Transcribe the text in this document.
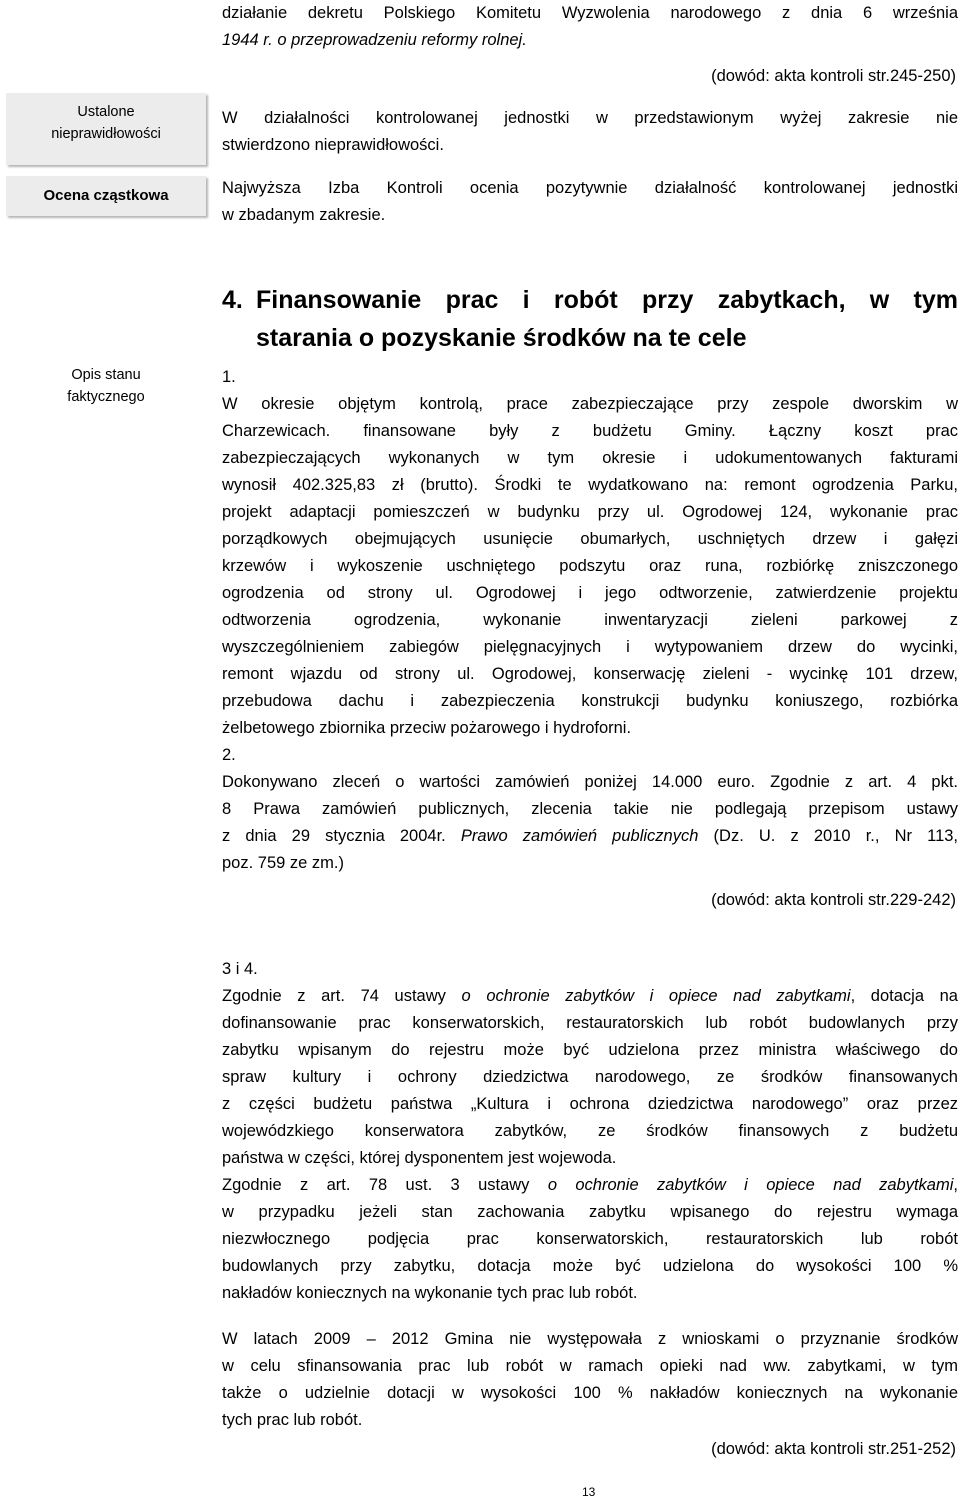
Ustalone
nieprawidłowości
Ocena cząstkowa
Opis stanu
faktycznego
działanie dekretu Polskiego Komitetu Wyzwolenia narodowego z dnia 6 września
1944 r. o przeprowadzeniu reformy rolnej.
(dowód: akta kontroli str.245-250)
W działalności kontrolowanej jednostki w przedstawionym wyżej zakresie nie
stwierdzono nieprawidłowości.
Najwyższa Izba Kontroli ocenia pozytywnie działalność kontrolowanej jednostki
w zbadanym zakresie.
4. Finansowanie prac i robót przy zabytkach, w tym
starania o pozyskanie środków na te cele
1.
W okresie objętym kontrolą, prace zabezpieczające przy zespole dworskim w
Charzewicach. finansowane były z budżetu Gminy. Łączny koszt prac
zabezpieczających wykonanych w tym okresie i udokumentowanych fakturami
wynosił 402.325,83 zł (brutto). Środki te wydatkowano na: remont ogrodzenia Parku,
projekt adaptacji pomieszczeń w budynku przy ul. Ogrodowej 124, wykonanie prac
porządkowych obejmujących usunięcie obumarłych, uschniętych drzew i gałęzi
krzewów i wykoszenie uschniętego podszytu oraz runa, rozbiórkę zniszczonego
ogrodzenia od strony ul. Ogrodowej i jego odtworzenie, zatwierdzenie projektu
odtworzenia ogrodzenia, wykonanie inwentaryzacji zieleni parkowej z
wyszczególnieniem zabiegów pielęgnacyjnych i wytypowaniem drzew do wycinki,
remont wjazdu od strony ul. Ogrodowej, konserwację zieleni - wycinkę 101 drzew,
przebudowa dachu i zabezpieczenia konstrukcji budynku koniuszego, rozbiórka
żelbetowego zbiornika przeciw pożarowego i hydroforni.
2.
Dokonywano zleceń o wartości zamówień poniżej 14.000 euro. Zgodnie z art. 4 pkt.
8 Prawa zamówień publicznych, zlecenia takie nie podlegają przepisom ustawy
z dnia 29 stycznia 2004r. Prawo zamówień publicznych (Dz. U. z 2010 r., Nr 113,
poz. 759 ze zm.)
(dowód: akta kontroli str.229-242)
3 i 4.
Zgodnie z art. 74 ustawy o ochronie zabytków i opiece nad zabytkami, dotacja na
dofinansowanie prac konserwatorskich, restauratorskich lub robót budowlanych przy
zabytku wpisanym do rejestru może być udzielona przez ministra właściwego do
spraw kultury i ochrony dziedzictwa narodowego, ze środków finansowanych
z części budżetu państwa „Kultura i ochrona dziedzictwa narodowego” oraz przez
wojewódzkiego konserwatora zabytków, ze środków finansowych z budżetu
państwa w części, której dysponentem jest wojewoda.
Zgodnie z art. 78 ust. 3 ustawy o ochronie zabytków i opiece nad zabytkami,
w przypadku jeżeli stan zachowania zabytku wpisanego do rejestru wymaga
niezwłocznego podjęcia prac konserwatorskich, restauratorskich lub robót
budowlanych przy zabytku, dotacja może być udzielona do wysokości 100 %
nakładów koniecznych na wykonanie tych prac lub robót.
W latach 2009 – 2012 Gmina nie występowała z wnioskami o przyznanie środków
w celu sfinansowania prac lub robót w ramach opieki nad ww. zabytkami, w tym
także o udzielnie dotacji w wysokości 100 % nakładów koniecznych na wykonanie
tych prac lub robót.
(dowód: akta kontroli str.251-252)
13
